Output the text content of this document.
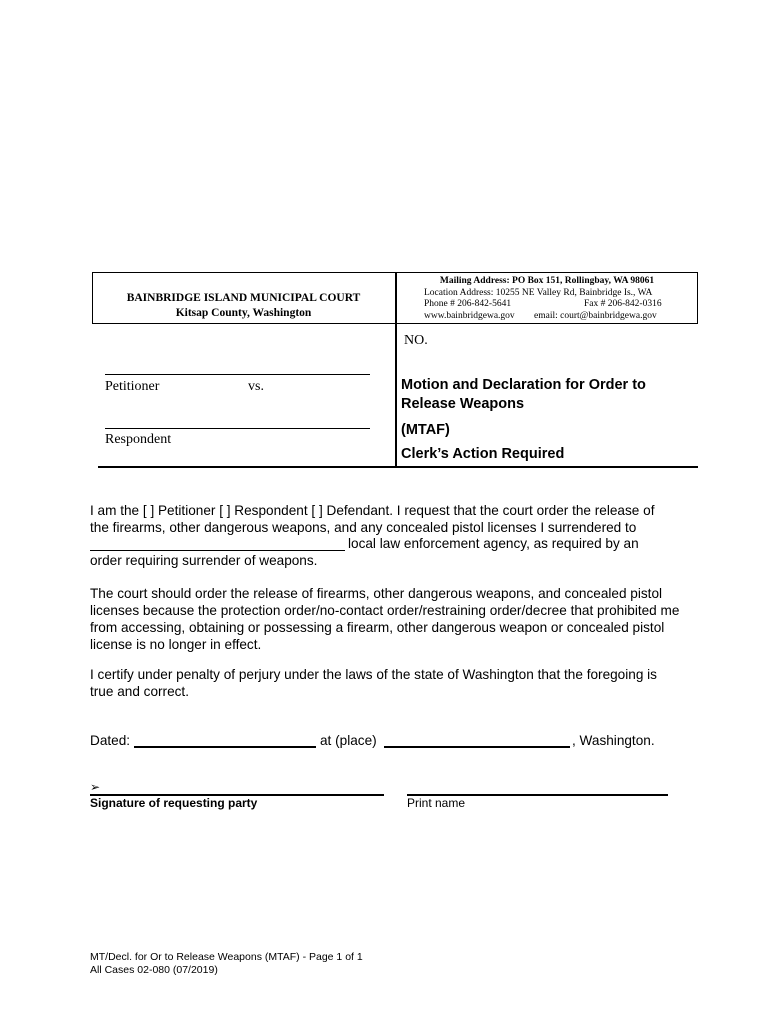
BAINBRIDGE ISLAND MUNICIPAL COURT
Kitsap County, Washington
Mailing Address: PO Box 151, Rollingbay, WA 98061
Location Address: 10255 NE Valley Rd, Bainbridge Is., WA
Phone # 206-842-5641	Fax # 206-842-0316
www.bainbridgewa.gov	email: court@bainbridgewa.gov
NO.
Petitioner	vs.
Respondent
Motion and Declaration for Order to
Release Weapons
(MTAF)
Clerk’s Action Required
I am the [ ] Petitioner [ ] Respondent [ ] Defendant. I request that the court order the release of
the firearms, other dangerous weapons, and any concealed pistol licenses I surrendered to
local law enforcement agency, as required by an
order requiring surrender of weapons.
The court should order the release of firearms, other dangerous weapons, and concealed pistol licenses because the protection order/no-contact order/restraining order/decree that prohibited me from accessing, obtaining or possessing a firearm, other dangerous weapon or concealed pistol license is no longer in effect.
I certify under penalty of perjury under the laws of the state of Washington that the foregoing is true and correct.
Dated:	at (place)	, Washington.
➢
Signature of requesting party	Print name
MT/Decl. for Or to Release Weapons (MTAF) - Page 1 of 1
All Cases 02-080 (07/2019)
